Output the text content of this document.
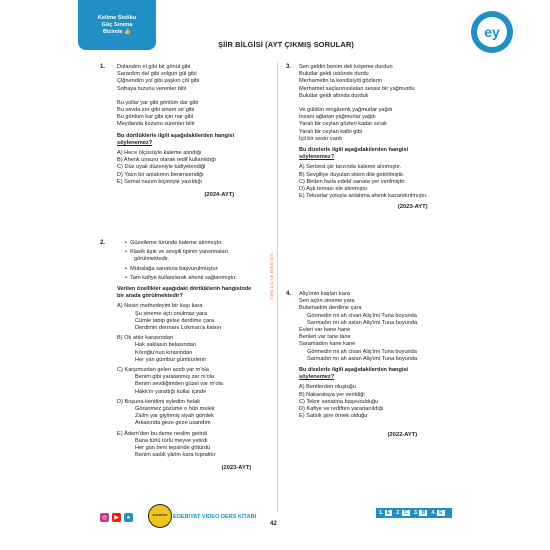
Kelime Sistiku
Güç Sınıma
Bizimle 👍
ŞİİR BİLGİSİ (AYT ÇIKMIŞ SORULAR)
ey
TÜRK DİLİ VE EDEBİYATI
1.	Dolandım el gibi bir gönül gibi
Sarardım dal gibi solgun gül gibi
Çiğnendim yol gibi şaşkın çöl gibi
Sofraya tuzunu verenler bilir
Bu yollar yar gibi gönlüm dar gibi
Bu sevda zor gibi sinem sır gibi
Bu gönlüm kar gibi için nar gibi
Meydanda kozunu sürenler bilir
Bu dörtlüklerle ilgili aşağıdakilerden hangisi
söylenemez?
A) Hece ölçüsüyle kaleme alındığı
B) Ahenk unsuru olarak redif kullanıldığı
C) Düz uyak düzeniyle kafiyelendiği
D) Yalın bir anlatımın benimsendiği
E) Semai nazım biçimiyle yazıldığı
(2024-AYT)
2.	•  Güzelleme türünde kaleme alınmıştır.
•  Klasik âşık ve sevgili tipinin yansımaları
görülmektedir.
•  Mübalağa sanatına başvurulmuştur.
•  Tam kafiye kullanılarak ahenk sağlanmıştır.
Verilen özellikler aşağıdaki dörtlüklerin hangisinde
bir arada görülmektedir?
A) Nesin methedeyim bir kaşı kara
Şu sineme açtı onulmaz yara
Cümle tabip gelse derdime çara
Derdimin dermanı Lokman'a kalsın
B) Ok atılır karasından
Hak saklasın belasından
Köroğlu'nun kırasından
Her yan gümbür gümbürlenir
C) Karşımızdan gelen aceb yar m'ola
Benim gibi yaralanmış zar m'ola
Benim sevdiğimden güzel var m'ola
Hakk'ın yarattığı kullar içinde
D) Boşuna kendimi eyledim helak
Görünmez gözüme o hûri melek
Zalim yar giyinmiş siyah gömlek
Arkasında geze geze usandım
E) Âdem'den bu deme neslim getirdi
Bana türlü türlü meyve yetirdi
Her gün beni tepsinde götürdü
Benim sadık yârim kara topraktır
(2023-AYT)
3.	Sen geldin benim deli köşeme durdun
Bulutlar geldi üstünde durdu
Merhametin ta kendisiydi gözlerin
Merhamet saçlarınııslatan sessiz bir yağmurdu
Bulutlar geldi altında durduk
Ve güldün rengârenk yağmurlar yağdı
İnsanı ağlatan yağmurlar yağdı
Yaralı bir ceylan gözleri kadar sıcak
Yaralı bir ceylan kalbi gibi
İçli bir sesin vardı
Bu dizelerle ilgili aşağıdakilerden hangisi
söylenemez?
A) Serbest şiir tarzında kaleme alınmıştır.
B) Sevgiliye duyulan sitem dile getirilmiştir.
C) Birden fazla edebî sanata yer verilmiştir.
D) Aşk teması ele alınmıştır.
E) Tekrarlar yoluyla anlatıma ahenk kazandırılmıştır.
(2023-AYT)
4.	Aliş'imin kaşları kara
Sen açtın sineme yara
Bulamadım derdime çara
Görmedin mi ah civan Aliş'imi Tuna boyunda
Sarmadın mı ah aslan Aliş'imi Tuna boyunda
Evleri var hane hane
Benleri var tane tane
Saramadım kane kane
Görmedin mi ah civan Aliş'imi Tuna boyunda
Sarmadın mı ah aslan Aliş'imi Tuna boyunda
Bu dizelerle ilgili aşağıdakilerden hangisi
söylenemez?
A) Bentlerden oluştuğu
B) Nakarataya yer verildiği
C) Tekrir sanatına başvurulduğu
D) Kafiye ve rediften yararlanıldığı
E) Satirik şiire örnek olduğu
(2022-AYT)
◎	▶	●	EDEBİYAT	EDEBİYAT VİDEO DERS KİTABI
42
1. E	2. C	3. B	4. E
